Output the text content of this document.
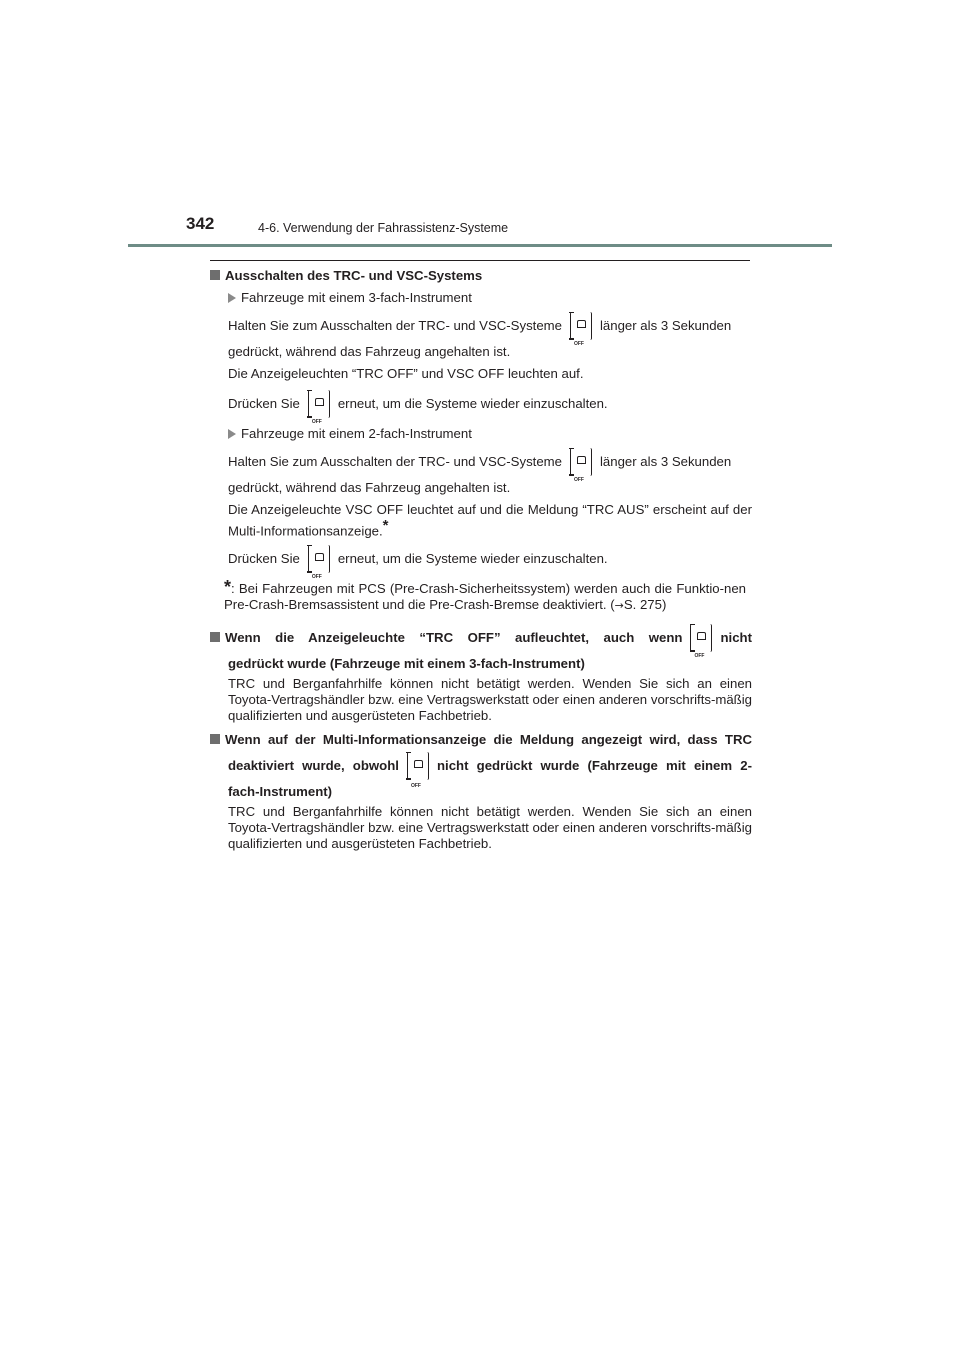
342	4-6. Verwendung der Fahrassistenz-Systeme

Ausschalten des TRC- und VSC-Systems

Fahrzeuge mit einem 3-fach-Instrument

Halten Sie zum Ausschalten der TRC- und VSC-Systeme
OFF
länger als 3 Sekunden

gedrückt, während das Fahrzeug angehalten ist.

Die Anzeigeleuchten “TRC OFF” und VSC OFF leuchten auf.

Drücken Sie
OFF
erneut, um die Systeme wieder einzuschalten.

Fahrzeuge mit einem 2-fach-Instrument

Halten Sie zum Ausschalten der TRC- und VSC-Systeme
OFF
länger als 3 Sekunden

gedrückt, während das Fahrzeug angehalten ist.

Die Anzeigeleuchte VSC OFF leuchtet auf und die Meldung “TRC AUS” erscheint auf der Multi-Informationsanzeige.*

Drücken Sie
OFF
erneut, um die Systeme wieder einzuschalten.

*: Bei Fahrzeugen mit PCS (Pre-Crash-Sicherheitssystem) werden auch die Funktio-nen Pre-Crash-Bremsassistent und die Pre-Crash-Bremse deaktiviert. (→S. 275)

Wenn die Anzeigeleuchte “TRC OFF” aufleuchtet, auch wenn
OFF
nicht

gedrückt wurde (Fahrzeuge mit einem 3-fach-Instrument)

TRC und Berganfahrhilfe können nicht betätigt werden. Wenden Sie sich an einen Toyota-Vertragshändler bzw. eine Vertragswerkstatt oder einen anderen vorschrifts-mäßig qualifizierten und ausgerüsteten Fachbetrieb.

Wenn auf der Multi-Informationsanzeige die Meldung angezeigt wird, dass TRC

deaktiviert wurde, obwohl
OFF
nicht gedrückt wurde (Fahrzeuge mit einem 2-

fach-Instrument)

TRC und Berganfahrhilfe können nicht betätigt werden. Wenden Sie sich an einen Toyota-Vertragshändler bzw. eine Vertragswerkstatt oder einen anderen vorschrifts-mäßig qualifizierten und ausgerüsteten Fachbetrieb.
